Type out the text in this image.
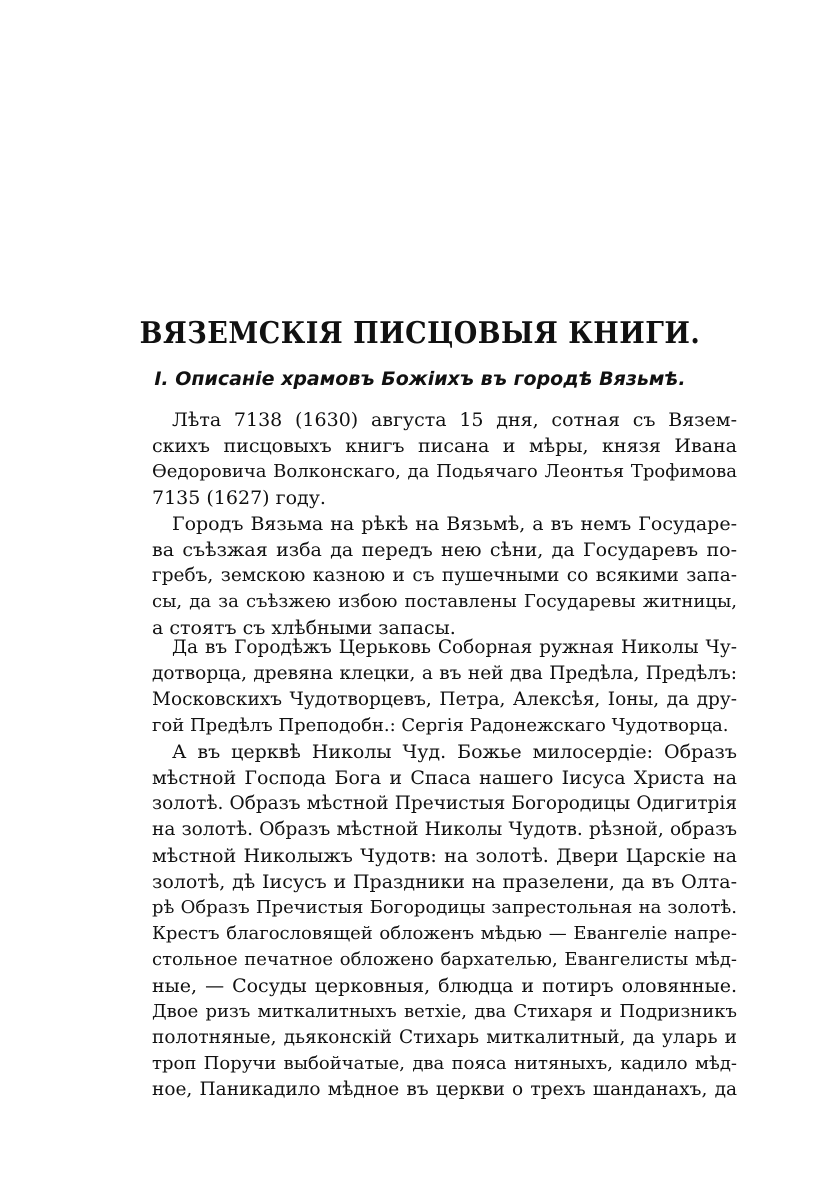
ВЯЗЕМСКІЯ ПИСЦОВЫЯ КНИГИ.
I. Описаніе храмовъ Божіихъ въ городѣ Вязьмѣ.
Лѣта 7138 (1630) августа 15 дня, сотная съ Вязем-
скихъ писцовыхъ книгъ писана и мѣры, князя Ивана
Ѳедоровича Волконскаго, да Подьячаго Леонтья Трофимова
7135 (1627) году.
Городъ Вязьма на рѣкѣ на Вязьмѣ, а въ немъ Государе-
ва съѣзжая изба да передъ нею сѣни, да Государевъ по-
гребъ, земскою казною и съ пушечными со всякими запа-
сы, да за съѣзжею избою поставлены Государевы житницы,
а стоятъ съ хлѣбными запасы.
Да въ Городѣжъ Церьковь Соборная ружная Николы Чу-
дотворца, древяна клецки, а въ ней два Предѣла, Предѣлъ:
Московскихъ Чудотворцевъ, Петра, Алексѣя, Іоны, да дру-
гой Предѣлъ Преподобн.: Сергія Радонежскаго Чудотворца.
А въ церквѣ Николы Чуд. Божье милосердіе: Образъ
мѣстной Господа Бога и Спаса нашего Іисуса Христа на
золотѣ. Образъ мѣстной Пречистыя Богородицы Одигитрія
на золотѣ. Образъ мѣстной Николы Чудотв. рѣзной, образъ
мѣстной Николыжъ Чудотв: на золотѣ. Двери Царскіе на
золотѣ, дѣ Іисусъ и Праздники на празелени, да въ Олта-
рѣ Образъ Пречистыя Богородицы запрестольная на золотѣ.
Крестъ благословящей обложенъ мѣдью — Евангеліе напре-
стольное печатное обложено бархателью, Евангелисты мѣд-
ные, — Сосуды церковныя, блюдца и потиръ оловянные.
Двое ризъ миткалитныхъ ветхіе, два Стихаря и Подризникъ
полотняные, дьяконскій Стихарь миткалитный, да уларь и
троп Поручи выбойчатые, два пояса нитяныхъ, кадило мѣд-
ное, Паникадило мѣдное въ церкви о трехъ шанданахъ, да
